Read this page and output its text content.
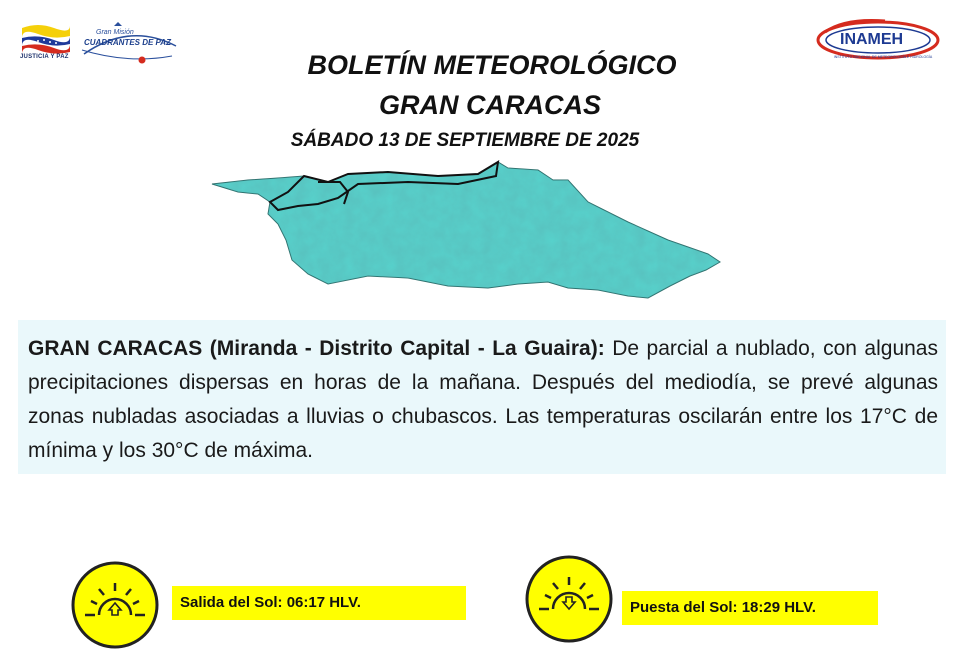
JUSTICIA Y PAZ
Gran Misión
CUADRANTES DE PAZ	INAMEH
INSTITUTO NACIONAL DE METEOROLOGÍA E HIDROLOGÍA
BOLETÍN METEOROLÓGICO
GRAN CARACAS
SÁBADO 13 DE SEPTIEMBRE DE 2025
GRAN CARACAS (Miranda - Distrito Capital - La Guaira): De parcial a nublado, con algunas precipitaciones dispersas en horas de la mañana. Después del mediodía, se prevé algunas zonas nubladas asociadas a lluvias o chubascos. Las temperaturas oscilarán entre los 17°C de mínima y los 30°C de máxima.
Salida del Sol: 06:17 HLV.	Puesta del Sol: 18:29 HLV.
